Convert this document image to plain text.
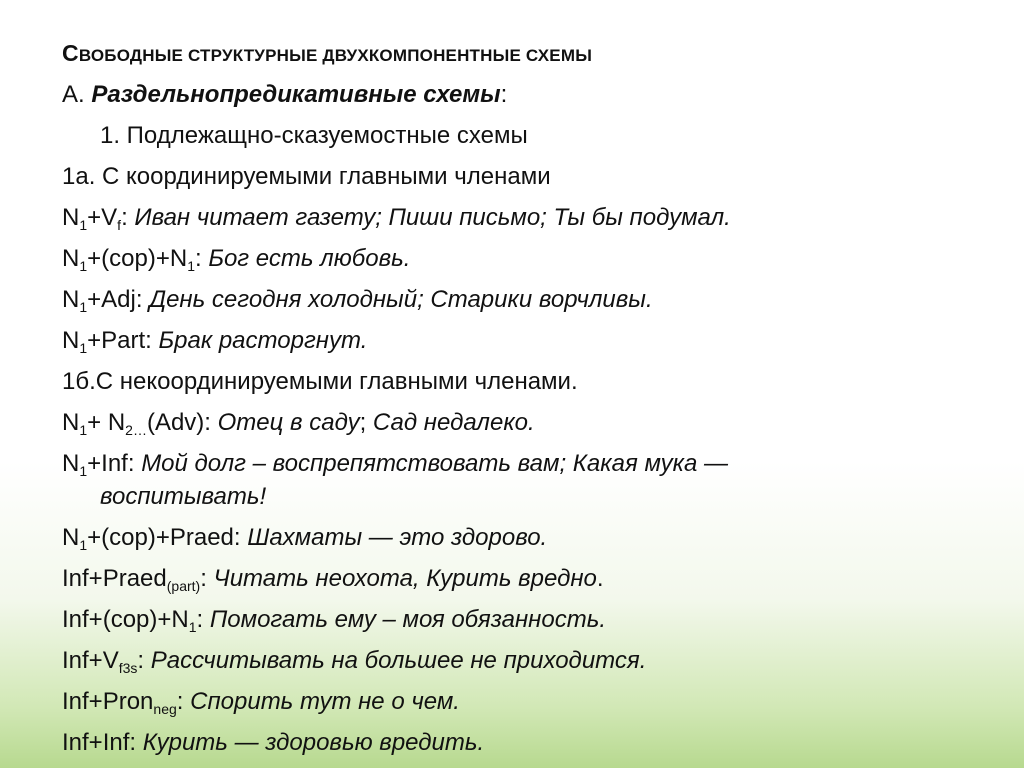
СВОБОДНЫЕ СТРУКТУРНЫЕ ДВУХКОМПОНЕНТНЫЕ СХЕМЫ
А. Раздельнопредикативные схемы:
1. Подлежащно-сказуемостные схемы
1а. С координируемыми главными членами
$N_1+V_f$: Иван читает газету; Пиши письмо; Ты бы подумал.
$N_1+(cop)+N_1$: Бог есть любовь.
$N_1+Adj$: День сегодня холодный; Старики ворчливы.
$N_1+Part$: Брак расторгнут.
1б.С некоординируемыми главными членами.
$N_1+ N_{2\dots}(Adv)$: Отец в саду; Сад недалеко.
$N_1+Inf$: Мой долг – воспрепятствовать вам; Какая мука —
воспитывать!
$N_1+(cop)+Praed$: Шахматы — это здорово.
Inf+Praed$_{(part)}$: Читать неохота, Курить вредно.
$Inf+(cop)+N_1$: Помогать ему – моя обязанность.
$Inf+V_{f3s}$: Рассчитывать на большее не приходится.
Inf+Pron$_{neg}$: Спорить тут не о чем.
Inf+Inf: Курить — здоровью вредить.
